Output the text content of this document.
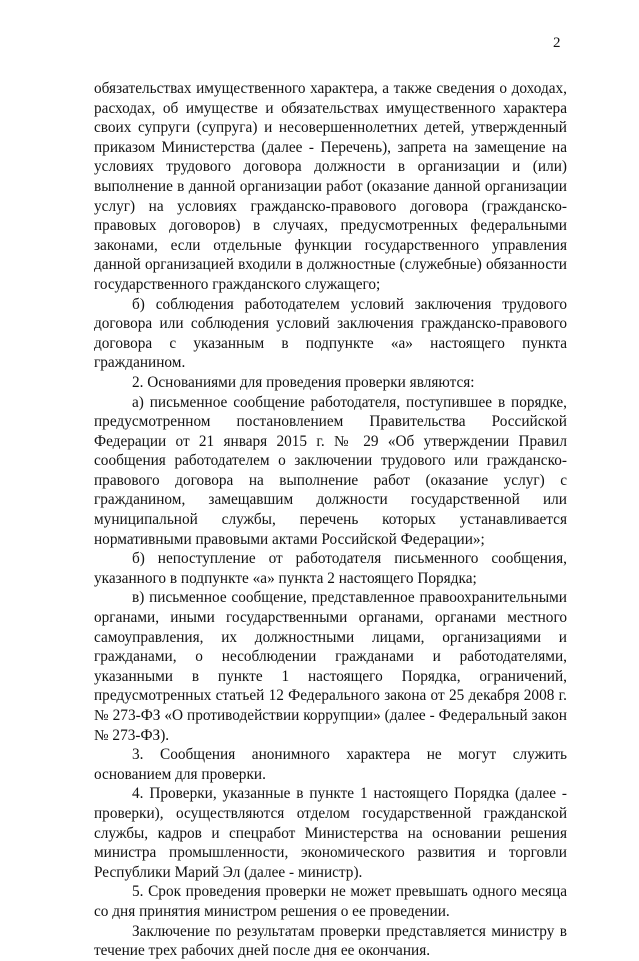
2

обязательствах имущественного характера, а также сведения о доходах, расходах, об имуществе и обязательствах имущественного характера своих супруги (супруга) и несовершеннолетних детей, утвержденный приказом Министерства (далее - Перечень), запрета на замещение на условиях трудового договора должности в организации и (или) выполнение в данной организации работ (оказание данной организации услуг) на условиях гражданско-правового договора (гражданско-правовых договоров) в случаях, предусмотренных федеральными законами, если отдельные функции государственного управления данной организацией входили в должностные (служебные) обязанности государственного гражданского служащего;

б) соблюдения работодателем условий заключения трудового договора или соблюдения условий заключения гражданско-правового договора с указанным в подпункте «а» настоящего пункта гражданином.

2. Основаниями для проведения проверки являются:

а) письменное сообщение работодателя, поступившее в порядке, предусмотренном постановлением Правительства Российской Федерации от 21 января 2015 г. № 29 «Об утверждении Правил сообщения работодателем о заключении трудового или гражданско-правового договора на выполнение работ (оказание услуг) с гражданином, замещавшим должности государственной или муниципальной службы, перечень которых устанавливается нормативными правовыми актами Российской Федерации»;

б) непоступление от работодателя письменного сообщения, указанного в подпункте «а» пункта 2 настоящего Порядка;

в) письменное сообщение, представленное правоохранительными органами, иными государственными органами, органами местного самоуправления, их должностными лицами, организациями и гражданами, о несоблюдении гражданами и работодателями, указанными в пункте 1 настоящего Порядка, ограничений, предусмотренных статьей 12 Федерального закона от 25 декабря 2008 г. № 273-ФЗ «О противодействии коррупции» (далее - Федеральный закон № 273-ФЗ).

3. Сообщения анонимного характера не могут служить основанием для проверки.

4. Проверки, указанные в пункте 1 настоящего Порядка (далее - проверки), осуществляются отделом государственной гражданской службы, кадров и спецработ Министерства на основании решения министра промышленности, экономического развития и торговли Республики Марий Эл (далее - министр).

5. Срок проведения проверки не может превышать одного месяца со дня принятия министром решения о ее проведении.

Заключение по результатам проверки представляется министру в течение трех рабочих дней после дня ее окончания.
